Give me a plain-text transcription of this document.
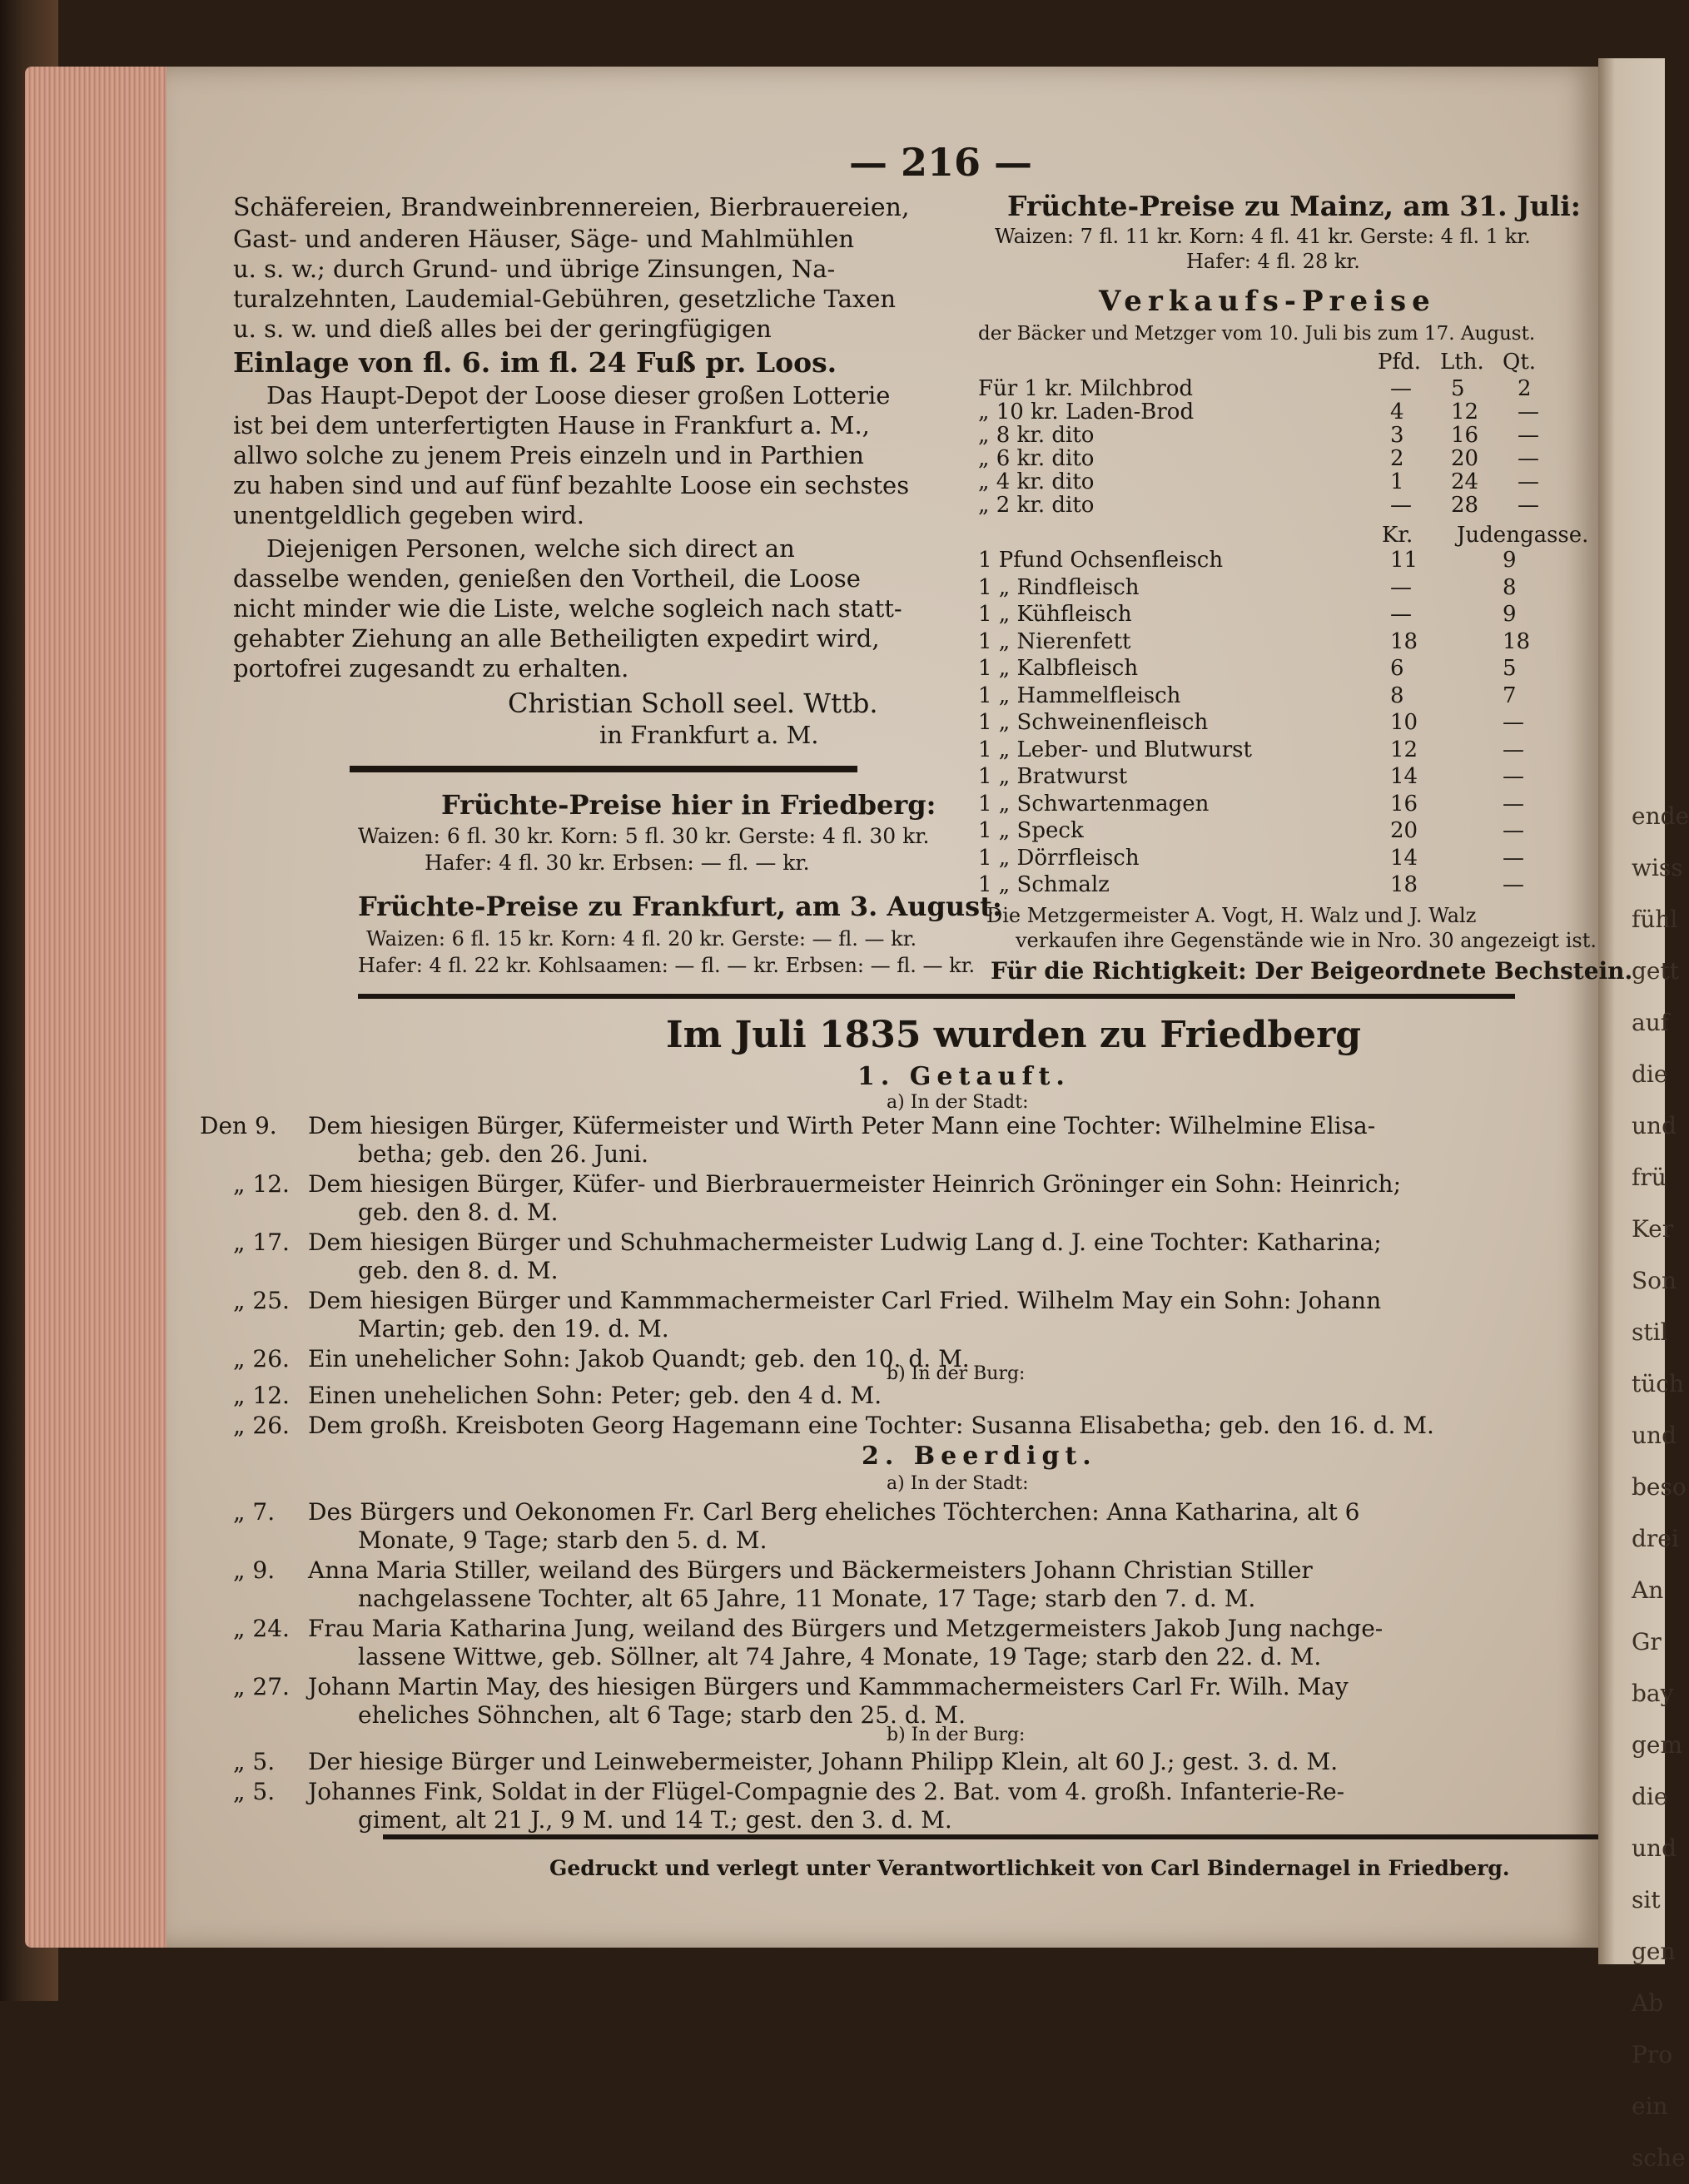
ende
wiss
fühl
gett
auf
die
und
frü
Ker
Son
stil
tüch
und
beso
drei
An
Gr
bay
gem
die
und
sit
gen
Ab
Pro
ein
sche
— 216 —
Schäfereien, Brandweinbrennereien, Bierbrauereien,
Gast- und anderen Häuser, Säge- und Mahlmühlen
u. s. w.; durch Grund- und übrige Zinsungen, Na-
turalzehnten, Laudemial-Gebühren, gesetzliche Taxen
u. s. w. und dieß alles bei der geringfügigen
Einlage von fl. 6. im fl. 24 Fuß pr. Loos.
Das Haupt-Depot der Loose dieser großen Lotterie
ist bei dem unterfertigten Hause in Frankfurt a. M.,
allwo solche zu jenem Preis einzeln und in Parthien
zu haben sind und auf fünf bezahlte Loose ein sechstes
unentgeldlich gegeben wird.
Diejenigen Personen, welche sich direct an
dasselbe wenden, genießen den Vortheil, die Loose
nicht minder wie die Liste, welche sogleich nach statt-
gehabter Ziehung an alle Betheiligten expedirt wird,
portofrei zugesandt zu erhalten.
Christian Scholl seel. Wttb.
in Frankfurt a. M.
Früchte-Preise hier in Friedberg:
Waizen: 6 fl. 30 kr. Korn: 5 fl. 30 kr. Gerste: 4 fl. 30 kr.
Hafer: 4 fl. 30 kr. Erbsen: — fl. — kr.
Früchte-Preise zu Frankfurt, am 3. August:
Waizen: 6 fl. 15 kr. Korn: 4 fl. 20 kr. Gerste: — fl. — kr.
Hafer: 4 fl. 22 kr. Kohlsaamen: — fl. — kr. Erbsen: — fl. — kr.
Früchte-Preise zu Mainz, am 31. Juli:
Waizen: 7 fl. 11 kr. Korn: 4 fl. 41 kr. Gerste: 4 fl. 1 kr.
Hafer: 4 fl. 28 kr.
Verkaufs-Preise
der Bäcker und Metzger vom 10. Juli bis zum 17. August.
Pfd. Lth. Qt.
Für 1 kr. Milchbrod	— 5 2
„ 10 kr. Laden-Brod	4 12 —
„ 8 kr. dito	3 16 —
„ 6 kr. dito	2 20 —
„ 4 kr. dito	1 24 —
„ 2 kr. dito	— 28 —
Kr. Judengasse.
1 Pfund Ochsenfleisch	11	9
1 „ Rindfleisch	—	8
1 „ Kühfleisch	—	9
1 „ Nierenfett	18	18
1 „ Kalbfleisch	6	5
1 „ Hammelfleisch	8	7
1 „ Schweinenfleisch	10	—
1 „ Leber- und Blutwurst	12	—
1 „ Bratwurst	14	—
1 „ Schwartenmagen	16	—
1 „ Speck	20	—
1 „ Dörrfleisch	14	—
1 „ Schmalz	18	—
Die Metzgermeister A. Vogt, H. Walz und J. Walz
verkaufen ihre Gegenstände wie in Nro. 30 angezeigt ist.
Für die Richtigkeit: Der Beigeordnete Bechstein.
Im Juli 1835 wurden zu Friedberg
1. Getauft.
a) In der Stadt:
Den 9. Dem hiesigen Bürger, Küfermeister und Wirth Peter Mann eine Tochter: Wilhelmine Elisa-
betha; geb. den 26. Juni.
„ 12. Dem hiesigen Bürger, Küfer- und Bierbrauermeister Heinrich Gröninger ein Sohn: Heinrich;
geb. den 8. d. M.
„ 17. Dem hiesigen Bürger und Schuhmachermeister Ludwig Lang d. J. eine Tochter: Katharina;
geb. den 8. d. M.
„ 25. Dem hiesigen Bürger und Kammmachermeister Carl Fried. Wilhelm May ein Sohn: Johann
Martin; geb. den 19. d. M.
„ 26. Ein unehelicher Sohn: Jakob Quandt; geb. den 10. d. M.
b) In der Burg:
„ 12. Einen unehelichen Sohn: Peter; geb. den 4 d. M.
„ 26. Dem großh. Kreisboten Georg Hagemann eine Tochter: Susanna Elisabetha; geb. den 16. d. M.
2. Beerdigt.
a) In der Stadt:
„ 7. Des Bürgers und Oekonomen Fr. Carl Berg eheliches Töchterchen: Anna Katharina, alt 6
Monate, 9 Tage; starb den 5. d. M.
„ 9. Anna Maria Stiller, weiland des Bürgers und Bäckermeisters Johann Christian Stiller
nachgelassene Tochter, alt 65 Jahre, 11 Monate, 17 Tage; starb den 7. d. M.
„ 24. Frau Maria Katharina Jung, weiland des Bürgers und Metzgermeisters Jakob Jung nachge-
lassene Wittwe, geb. Söllner, alt 74 Jahre, 4 Monate, 19 Tage; starb den 22. d. M.
„ 27. Johann Martin May, des hiesigen Bürgers und Kammmachermeisters Carl Fr. Wilh. May
eheliches Söhnchen, alt 6 Tage; starb den 25. d. M.
b) In der Burg:
„ 5. Der hiesige Bürger und Leinwebermeister, Johann Philipp Klein, alt 60 J.; gest. 3. d. M.
„ 5. Johannes Fink, Soldat in der Flügel-Compagnie des 2. Bat. vom 4. großh. Infanterie-Re-
giment, alt 21 J., 9 M. und 14 T.; gest. den 3. d. M.
Gedruckt und verlegt unter Verantwortlichkeit von Carl Bindernagel in Friedberg.
